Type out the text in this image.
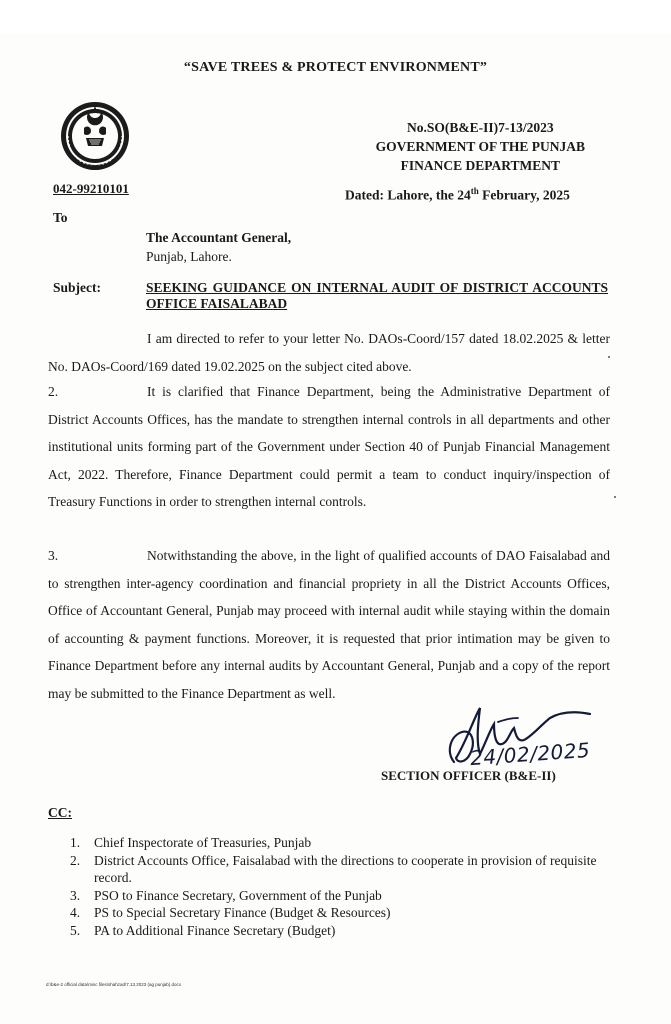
“SAVE TREES & PROTECT ENVIRONMENT”
042-99210101
No.SO(B&E-II)7-13/2023
GOVERNMENT OF THE PUNJAB
FINANCE DEPARTMENT
Dated: Lahore, the 24th February, 2025
To
The Accountant General,
Punjab, Lahore.
Subject:	SEEKING GUIDANCE ON INTERNAL AUDIT OF DISTRICT ACCOUNTS OFFICE FAISALABAD
I am directed to refer to your letter No. DAOs-Coord/157 dated 18.02.2025 & letter No. DAOs-Coord/169 dated 19.02.2025 on the subject cited above.
2.	It is clarified that Finance Department, being the Administrative Department of District Accounts Offices, has the mandate to strengthen internal controls in all departments and other institutional units forming part of the Government under Section 40 of Punjab Financial Management Act, 2022. Therefore, Finance Department could permit a team to conduct inquiry/inspection of Treasury Functions in order to strengthen internal controls.
3.	Notwithstanding the above, in the light of qualified accounts of DAO Faisalabad and to strengthen inter-agency coordination and financial propriety in all the District Accounts Offices, Office of Accountant General, Punjab may proceed with internal audit while staying within the domain of accounting & payment functions. Moreover, it is requested that prior intimation may be given to Finance Department before any internal audits by Accountant General, Punjab and a copy of the report may be submitted to the Finance Department as well.
24/02/2025
SECTION OFFICER (B&E-II)
CC:
1. Chief Inspectorate of Treasuries, Punjab
2. District Accounts Office, Faisalabad with the directions to cooperate in provision of requisite record.
3. PSO to Finance Secretary, Government of the Punjab
4. PS to Special Secretary Finance (Budget & Resources)
5. PA to Additional Finance Secretary (Budget)
d:\b&e-2 official data\misc files\shahzad\7.13.2023 (ag punjab).docx
